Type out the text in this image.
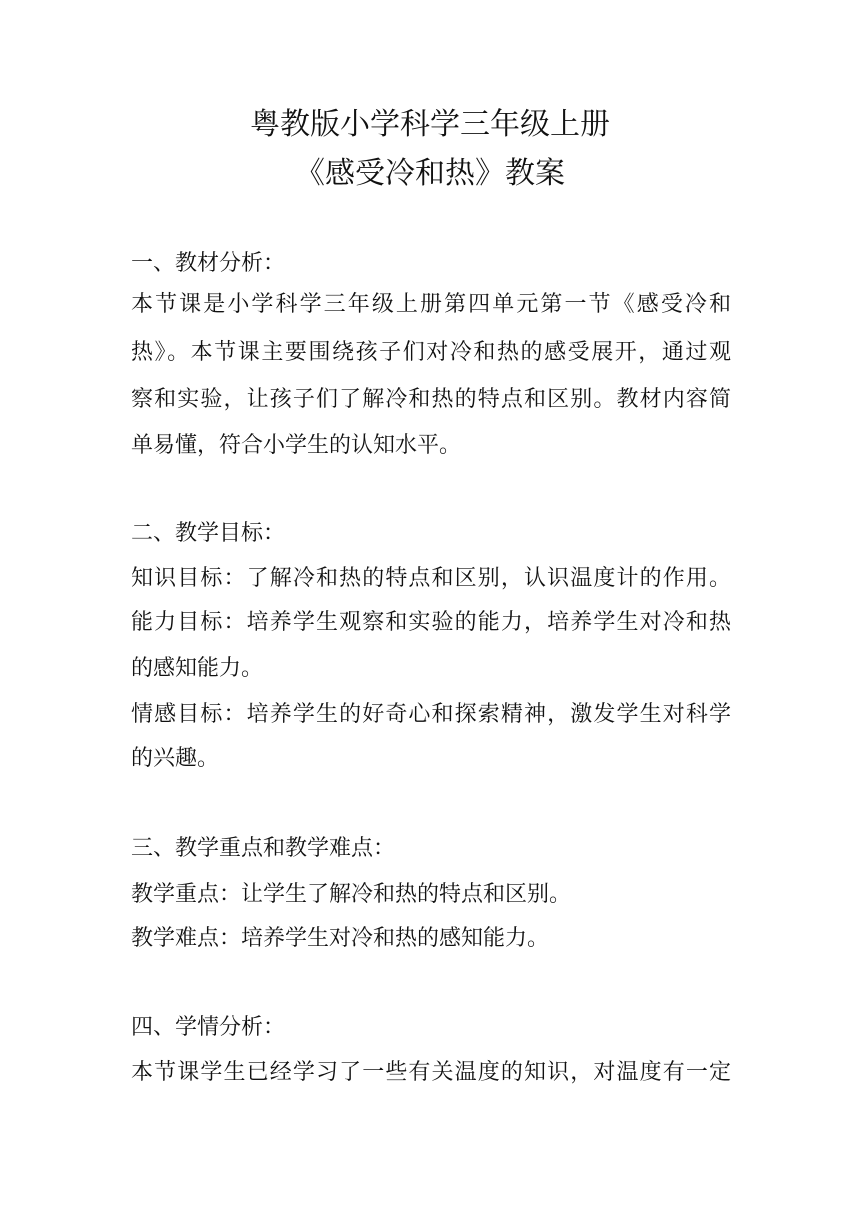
粤教版小学科学三年级上册
《感受冷和热》教案
一、教材分析：
本节课是小学科学三年级上册第四单元第一节《感受冷和
热》。本节课主要围绕孩子们对冷和热的感受展开，通过观
察和实验，让孩子们了解冷和热的特点和区别。教材内容简
单易懂，符合小学生的认知水平。
二、教学目标：
知识目标：了解冷和热的特点和区别，认识温度计的作用。
能力目标：培养学生观察和实验的能力，培养学生对冷和热
的感知能力。
情感目标：培养学生的好奇心和探索精神，激发学生对科学
的兴趣。
三、教学重点和教学难点：
教学重点：让学生了解冷和热的特点和区别。
教学难点：培养学生对冷和热的感知能力。
四、学情分析：
本节课学生已经学习了一些有关温度的知识，对温度有一定
